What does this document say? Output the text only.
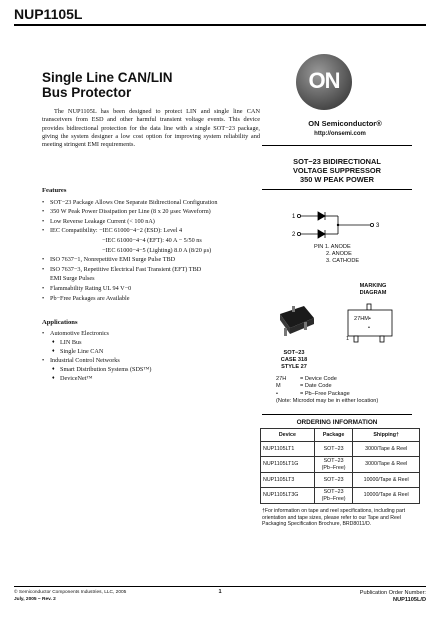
NUP1105L
Single Line CAN/LIN
Bus Protector
The NUP1105L has been designed to protect LIN and single line CAN transceivers from ESD and other harmful transient voltage events. This device provides bidirectional protection for the data line with a single SOT−23 package, giving the system designer a low cost option for improving system reliability and meeting stringent EMI requirements.
Features
• SOT−23 Package Allows One Separate Bidirectional Configuration
• 350 W Peak Power Dissipation per Line (8 x 20 μsec Waveform)
• Low Reverse Leakage Current (< 100 nA)
• IEC Compatibility: −IEC 61000−4−2 (ESD): Level 4
−IEC 61000−4−4 (EFT): 40 A − 5/50 ns
−IEC 61000−4−5 (Lighting) 8.0 A (8/20 μs)
• ISO 7637−1, Nonrepetitive EMI Surge Pulse TBD
• ISO 7637−3, Repetitive Electrical Fast Transient (EFT) TBD
EMI Surge Pulses
• Flammability Rating UL 94 V−0
• Pb−Free Packages are Available
Applications
• Automotive Electronics
♦ LIN Bus
♦ Single Line CAN
• Industrial Control Networks
♦ Smart Distribution Systems (SDS™)
♦ DeviceNet™
ON
ON Semiconductor®
http://onsemi.com
SOT−23 BIDIRECTIONAL
VOLTAGE SUPPRESSOR
350 W PEAK POWER
1
2
3
PIN 1. ANODE
2. ANODE
3. CATHODE
MARKING
DIAGRAM
27HM•
•
1
SOT−23
CASE 318
STYLE 27
27H = Device Code
M	= Date Code
•	= Pb−Free Package
(Note: Microdot may be in either location)
ORDERING INFORMATION
Device	Package	Shipping†
NUP1105LT1	SOT−23	3000/Tape & Reel
NUP1105LT1G	SOT−23
(Pb−Free)	3000/Tape & Reel
NUP1105LT3	SOT−23	10000/Tape & Reel
NUP1105LT3G	SOT−23
(Pb−Free)	10000/Tape & Reel
†For information on tape and reel specifications, including part orientation and tape sizes, please refer to our Tape and Reel Packaging Specification Brochure, BRD8011/D.
© Semiconductor Components Industries, LLC, 2005
July, 2005 − Rev. 2
1	Publication Order Number:
NUP1105L/D
